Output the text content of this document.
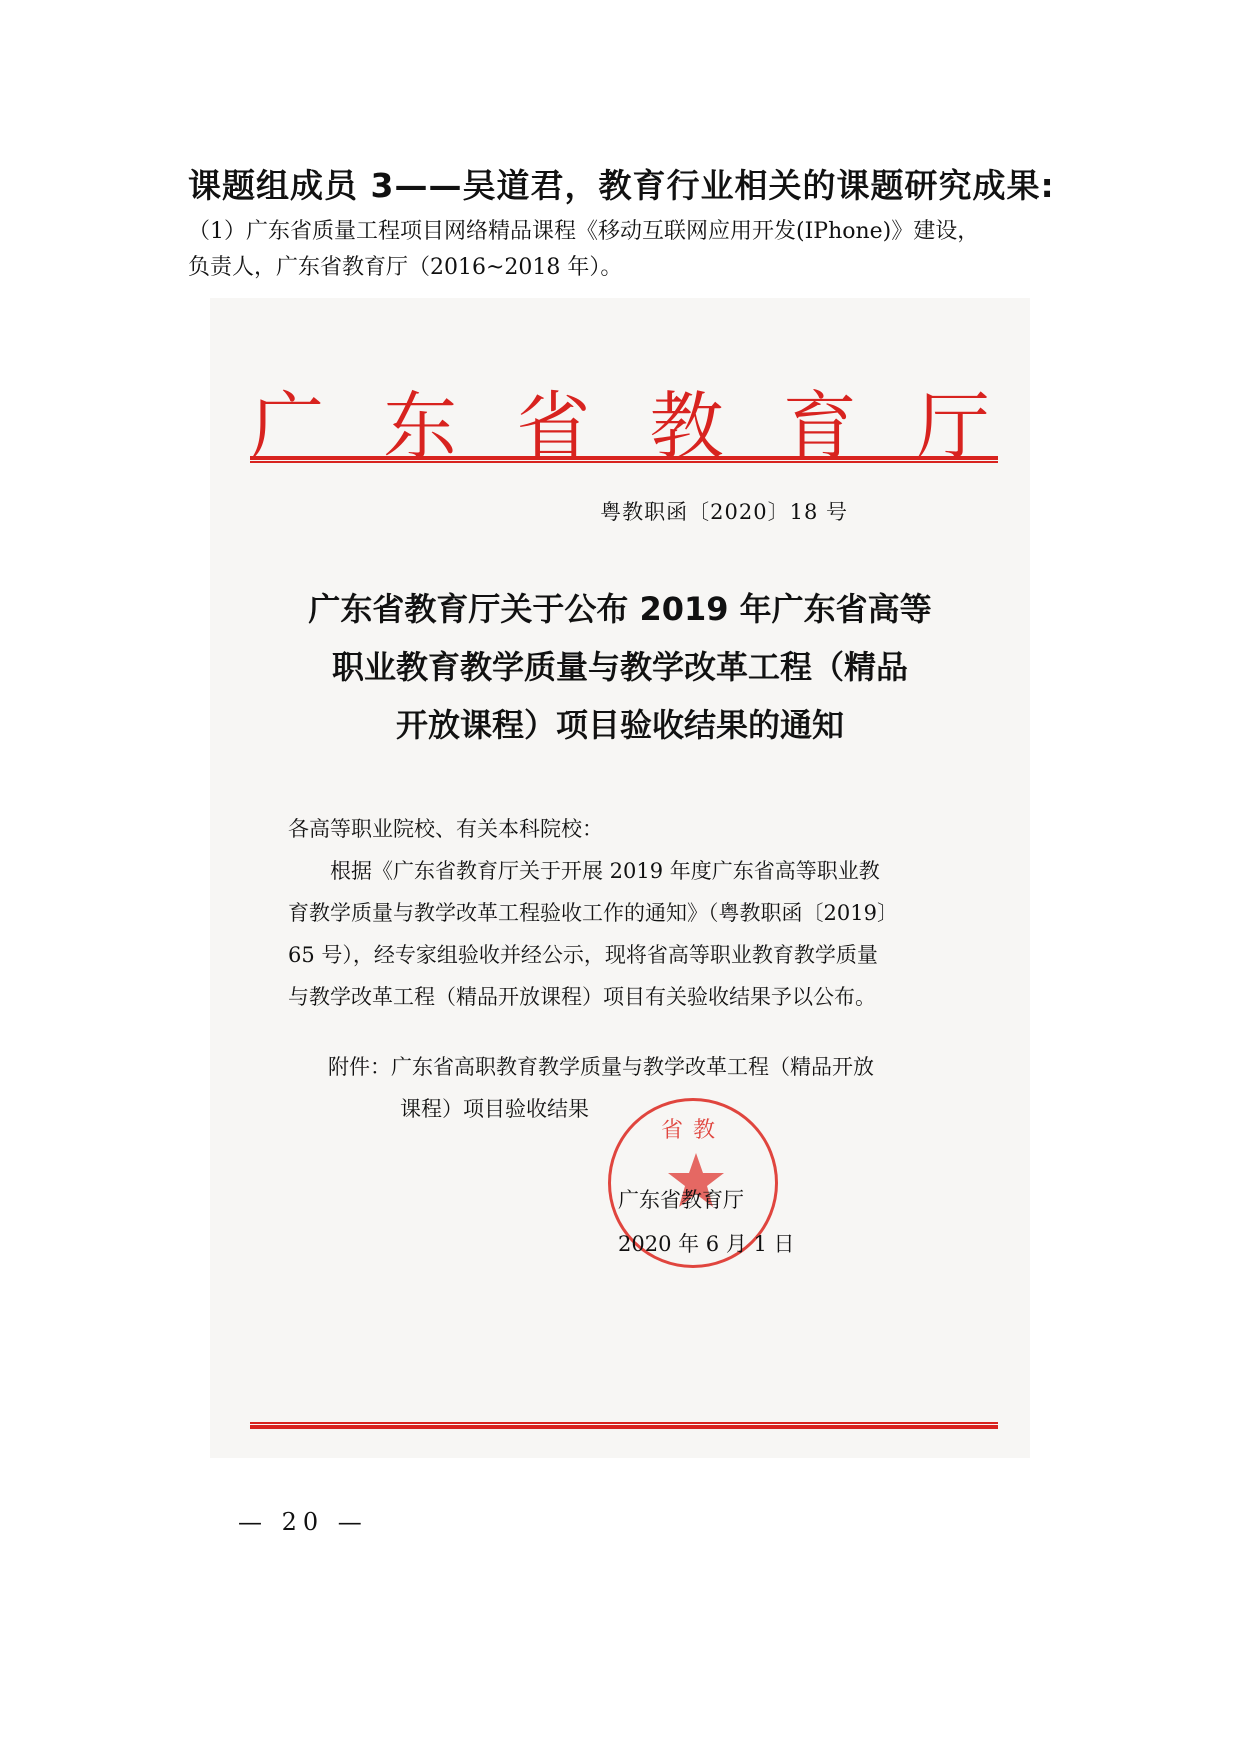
课题组成员 3——吴道君，教育行业相关的课题研究成果:
（1）广东省质量工程项目网络精品课程《移动互联网应用开发(IPhone)》建设，
负责人，广东省教育厅（2016~2018 年）。
广 东 省 教 育 厅
粤教职函〔2020〕18 号
广东省教育厅关于公布 2019 年广东省高等
职业教育教学质量与教学改革工程（精品
开放课程）项目验收结果的通知

各高等职业院校、有关本科院校：

　　根据《广东省教育厅关于开展 2019 年度广东省高等职业教

育教学质量与教学改革工程验收工作的通知》（粤教职函〔2019〕

65 号），经专家组验收并经公示，现将省高等职业教育教学质量

与教学改革工程（精品开放课程）项目有关验收结果予以公布。

附件：广东省高职教育教学质量与教学改革工程（精品开放
课程）项目验收结果
省教
广东省教育厅
2020 年 6 月 1 日
— 20 —
